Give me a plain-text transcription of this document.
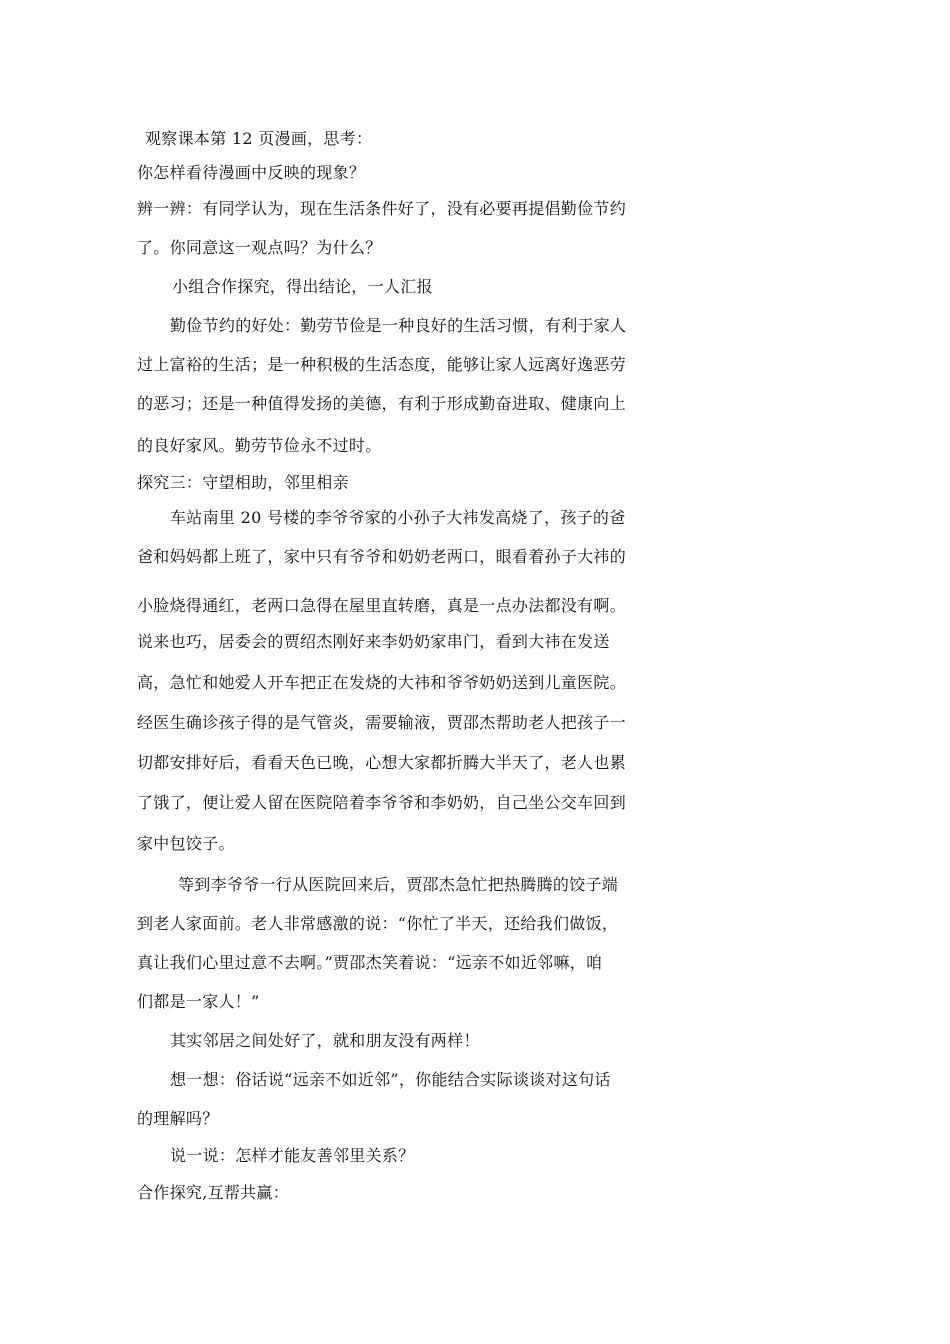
观察课本第 12 页漫画，思考：
你怎样看待漫画中反映的现象？
辨一辨：有同学认为，现在生活条件好了，没有必要再提倡勤俭节约
了。你同意这一观点吗？为什么？
小组合作探究，得出结论，一人汇报
勤俭节约的好处：勤劳节俭是一种良好的生活习惯，有利于家人
过上富裕的生活；是一种积极的生活态度，能够让家人远离好逸恶劳
的恶习；还是一种值得发扬的美德，有利于形成勤奋进取、健康向上
的良好家风。勤劳节俭永不过时。
探究三：守望相助，邻里相亲
车站南里 20 号楼的李爷爷家的小孙子大祎发高烧了，孩子的爸
爸和妈妈都上班了，家中只有爷爷和奶奶老两口，眼看着孙子大祎的
小脸烧得通红，老两口急得在屋里直转磨，真是一点办法都没有啊。
说来也巧，居委会的贾绍杰刚好来李奶奶家串门，看到大祎在发送
高，急忙和她爱人开车把正在发烧的大祎和爷爷奶奶送到儿童医院。
经医生确诊孩子得的是气管炎，需要输液，贾邵杰帮助老人把孩子一
切都安排好后，看看天色已晚，心想大家都折腾大半天了，老人也累
了饿了，便让爱人留在医院陪着李爷爷和李奶奶，自己坐公交车回到
家中包饺子。
等到李爷爷一行从医院回来后，贾邵杰急忙把热腾腾的饺子端
到老人家面前。老人非常感激的说：“你忙了半天，还给我们做饭，
真让我们心里过意不去啊。”贾邵杰笑着说：“远亲不如近邻嘛，咱
们都是一家人！”
其实邻居之间处好了，就和朋友没有两样！
想一想：俗话说“远亲不如近邻”，你能结合实际谈谈对这句话
的理解吗？
说一说：怎样才能友善邻里关系？
合作探究,互帮共赢：
